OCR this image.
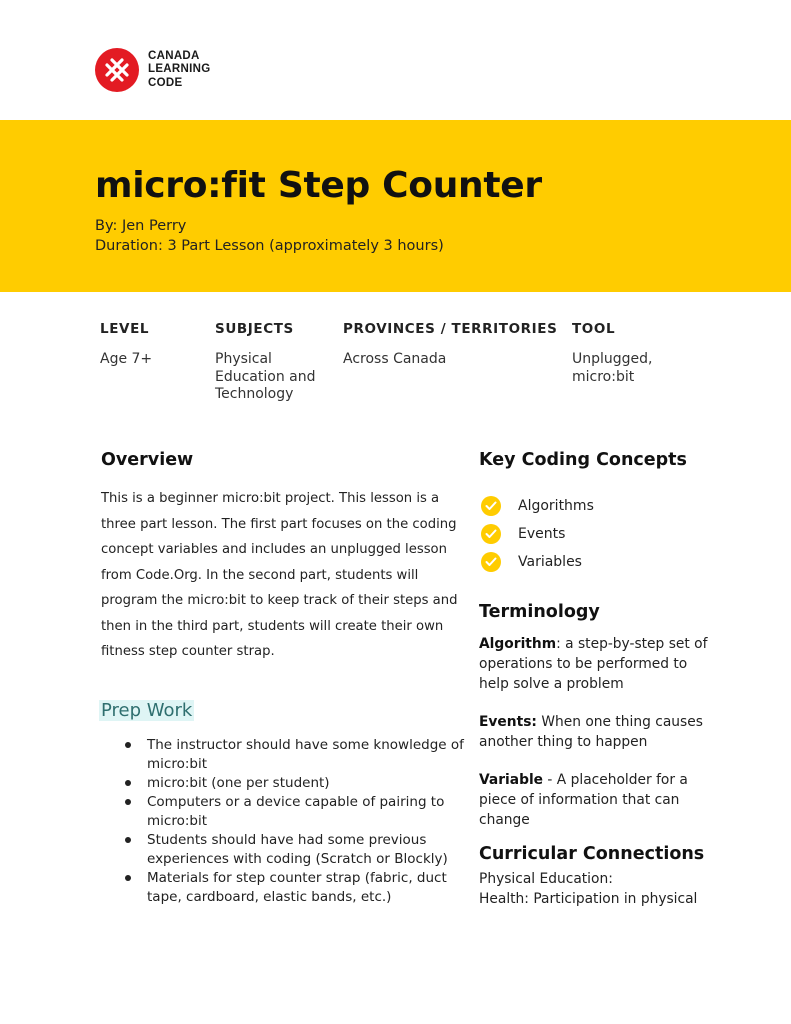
CANADA
LEARNING
CODE
micro:fit Step Counter
By: Jen Perry
Duration: 3 Part Lesson (approximately 3 hours)
LEVEL
Age 7+
SUBJECTS
Physical Education and Technology
PROVINCES / TERRITORIES
Across Canada
TOOL
Unplugged, micro:bit
Overview

This is a beginner micro:bit project. This lesson is a three part lesson. The first part focuses on the coding concept variables and includes an unplugged lesson from Code.Org. In the second part, students will program the micro:bit to keep track of their steps and then in the third part, students will create their own fitness step counter strap.

Prep Work
The instructor should have some knowledge of micro:bit
micro:bit (one per student)
Computers or a device capable of pairing to micro:bit
Students should have had some previous experiences with coding (Scratch or Blockly)
Materials for step counter strap (fabric, duct tape, cardboard, elastic bands, etc.)
Key Coding Concepts
Algorithms
Events
Variables
Terminology
Algorithm: a step-by-step set of operations to be performed to help solve a problem
Events: When one thing causes another thing to happen
Variable - A placeholder for a piece of information that can change
Curricular Connections
Physical Education:
Health: Participation in physical
